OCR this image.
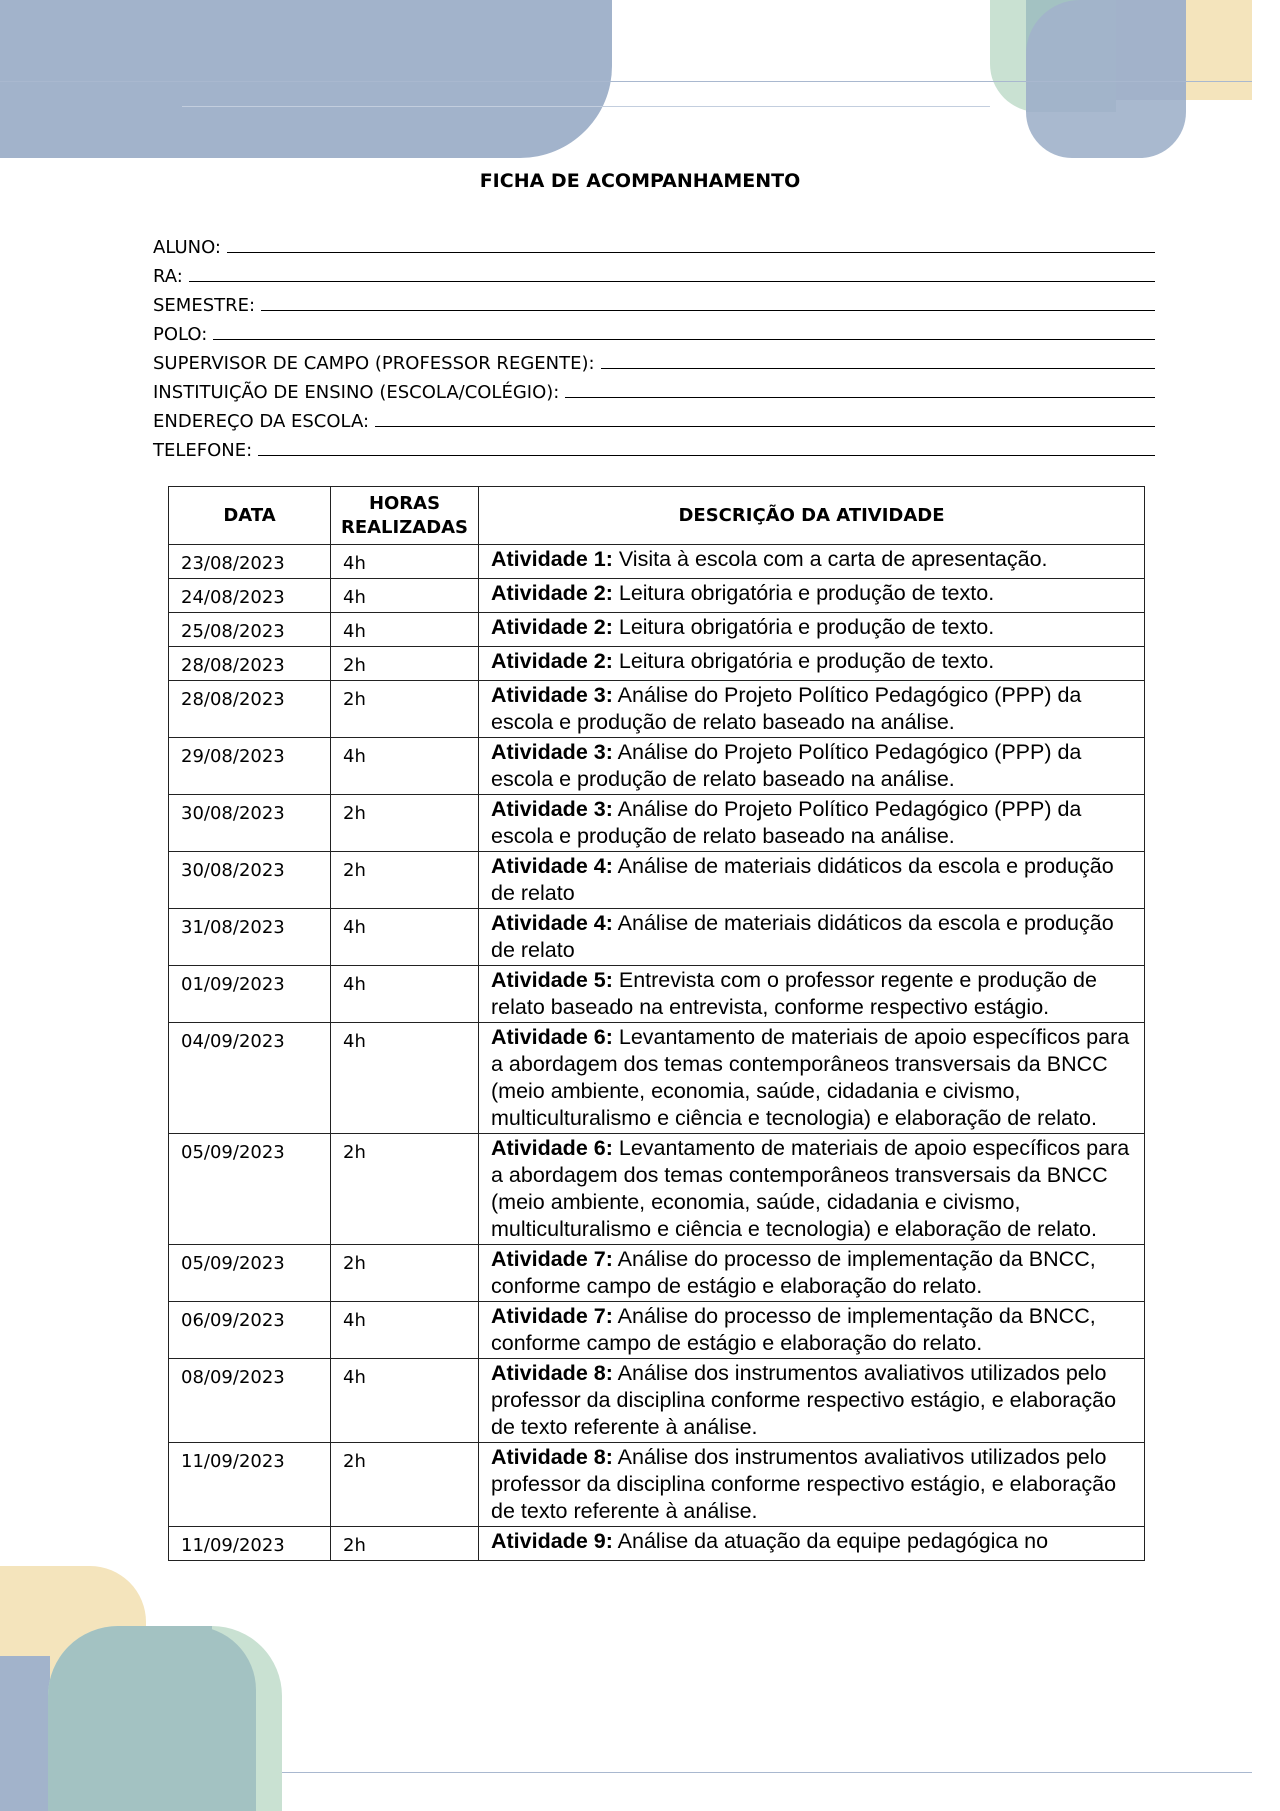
FICHA DE ACOMPANHAMENTO
ALUNO:
RA:
SEMESTRE:
POLO:
SUPERVISOR DE CAMPO (PROFESSOR REGENTE):
INSTITUIÇÃO DE ENSINO (ESCOLA/COLÉGIO):
ENDEREÇO DA ESCOLA:
TELEFONE:
DATA	HORAS REALIZADAS	DESCRIÇÃO DA ATIVIDADE
23/08/2023	4h	Atividade 1: Visita à escola com a carta de apresentação.
24/08/2023	4h	Atividade 2: Leitura obrigatória e produção de texto.
25/08/2023	4h	Atividade 2: Leitura obrigatória e produção de texto.
28/08/2023	2h	Atividade 2: Leitura obrigatória e produção de texto.
28/08/2023	2h	Atividade 3: Análise do Projeto Político Pedagógico (PPP) da escola e produção de relato baseado na análise.
29/08/2023	4h	Atividade 3: Análise do Projeto Político Pedagógico (PPP) da escola e produção de relato baseado na análise.
30/08/2023	2h	Atividade 3: Análise do Projeto Político Pedagógico (PPP) da escola e produção de relato baseado na análise.
30/08/2023	2h	Atividade 4: Análise de materiais didáticos da escola e produção de relato
31/08/2023	4h	Atividade 4: Análise de materiais didáticos da escola e produção de relato
01/09/2023	4h	Atividade 5: Entrevista com o professor regente e produção de relato baseado na entrevista, conforme respectivo estágio.
04/09/2023	4h	Atividade 6: Levantamento de materiais de apoio específicos para a abordagem dos temas contemporâneos transversais da BNCC (meio ambiente, economia, saúde, cidadania e civismo, multiculturalismo e ciência e tecnologia) e elaboração de relato.
05/09/2023	2h	Atividade 6: Levantamento de materiais de apoio específicos para a abordagem dos temas contemporâneos transversais da BNCC (meio ambiente, economia, saúde, cidadania e civismo, multiculturalismo e ciência e tecnologia) e elaboração de relato.
05/09/2023	2h	Atividade 7: Análise do processo de implementação da BNCC, conforme campo de estágio e elaboração do relato.
06/09/2023	4h	Atividade 7: Análise do processo de implementação da BNCC, conforme campo de estágio e elaboração do relato.
08/09/2023	4h	Atividade 8: Análise dos instrumentos avaliativos utilizados pelo professor da disciplina conforme respectivo estágio, e elaboração de texto referente à análise.
11/09/2023	2h	Atividade 8: Análise dos instrumentos avaliativos utilizados pelo professor da disciplina conforme respectivo estágio, e elaboração de texto referente à análise.
11/09/2023	2h	Atividade 9: Análise da atuação da equipe pedagógica no
